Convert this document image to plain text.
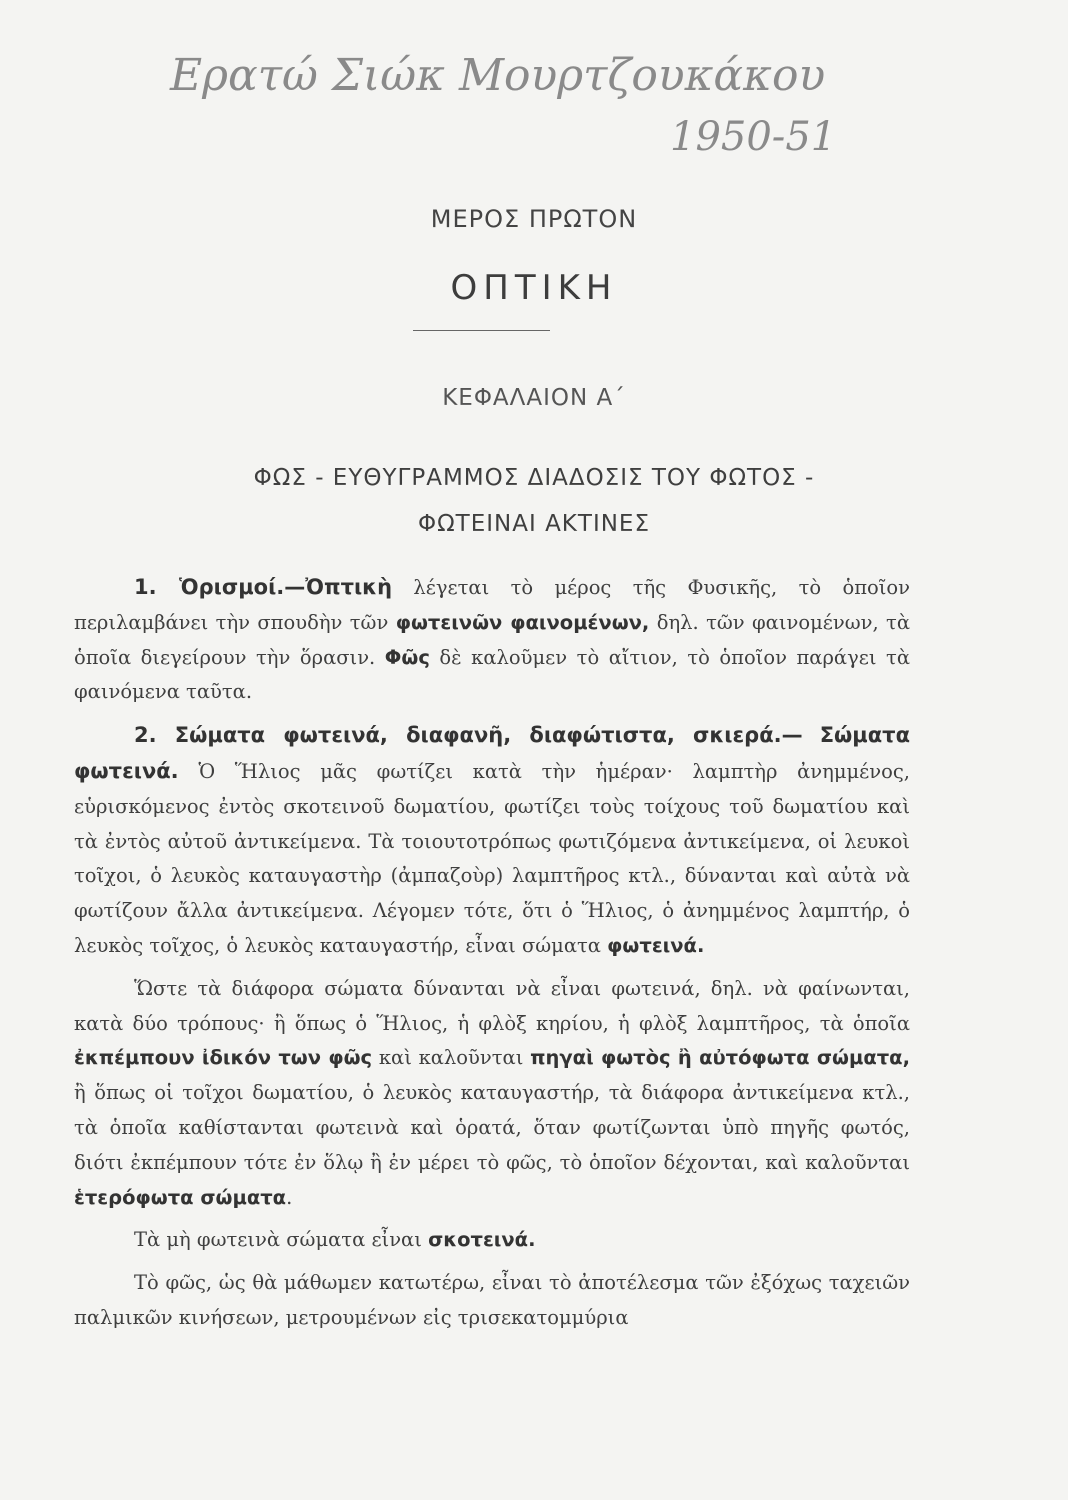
Ερατώ Σιώκ Μουρτζουκάκου
1950-51
ΜΕΡΟΣ ΠΡΩΤΟΝ
ΟΠΤΙΚΗ
ΚΕΦΑΛΑΙΟΝ Α΄
ΦΩΣ - ΕΥΘΥΓΡΑΜΜΟΣ ΔΙΑΔΟΣΙΣ ΤΟΥ ΦΩΤΟΣ -
ΦΩΤΕΙΝΑΙ ΑΚΤΙΝΕΣ

1. Ὁρισμοί.—Ὀπτικὴ λέγεται τὸ μέρος τῆς Φυσικῆς, τὸ ὁποῖον περιλαμβάνει τὴν σπουδὴν τῶν φωτεινῶν φαινομένων, δηλ. τῶν φαινομένων, τὰ ὁποῖα διεγείρουν τὴν ὅρασιν. Φῶς δὲ καλοῦμεν τὸ αἴτιον, τὸ ὁποῖον παράγει τὰ φαινόμενα ταῦτα.

2. Σώματα φωτεινά, διαφανῆ, διαφώτιστα, σκιερά.— Σώματα φωτεινά. Ὁ Ἥλιος μᾶς φωτίζει κατὰ τὴν ἡμέραν· λαμπτὴρ ἀνημμένος, εὑρισκόμενος ἐντὸς σκοτεινοῦ δωματίου, φωτίζει τοὺς τοίχους τοῦ δωματίου καὶ τὰ ἐντὸς αὐτοῦ ἀντικείμενα. Τὰ τοιουτοτρόπως φωτιζόμενα ἀντικείμενα, οἱ λευκοὶ τοῖχοι, ὁ λευκὸς καταυγαστὴρ (ἀμπαζοὺρ) λαμπτῆρος κτλ., δύνανται καὶ αὐτὰ νὰ φωτίζουν ἄλλα ἀντικείμενα. Λέγομεν τότε, ὅτι ὁ Ἥλιος, ὁ ἀνημμένος λαμπτήρ, ὁ λευκὸς τοῖχος, ὁ λευκὸς καταυγαστήρ, εἶναι σώματα φωτεινά.

Ὥστε τὰ διάφορα σώματα δύνανται νὰ εἶναι φωτεινά, δηλ. νὰ φαίνωνται, κατὰ δύο τρόπους· ἢ ὅπως ὁ Ἥλιος, ἡ φλὸξ κηρίου, ἡ φλὸξ λαμπτῆρος, τὰ ὁποῖα ἐκπέμπουν ἰδικόν των φῶς καὶ καλοῦνται πηγαὶ φωτὸς ἢ αὐτόφωτα σώματα, ἢ ὅπως οἱ τοῖχοι δωματίου, ὁ λευκὸς καταυγαστήρ, τὰ διάφορα ἀντικείμενα κτλ., τὰ ὁποῖα καθίστανται φωτεινὰ καὶ ὁρατά, ὅταν φωτίζωνται ὑπὸ πηγῆς φωτός, διότι ἐκπέμπουν τότε ἐν ὅλῳ ἢ ἐν μέρει τὸ φῶς, τὸ ὁποῖον δέχονται, καὶ καλοῦνται ἑτερόφωτα σώματα.

Τὰ μὴ φωτεινὰ σώματα εἶναι σκοτεινά.

Τὸ φῶς, ὡς θὰ μάθωμεν κατωτέρω, εἶναι τὸ ἀποτέλεσμα τῶν ἐξόχως ταχειῶν παλμικῶν κινήσεων, μετρουμένων εἰς τρισεκατομμύρια
